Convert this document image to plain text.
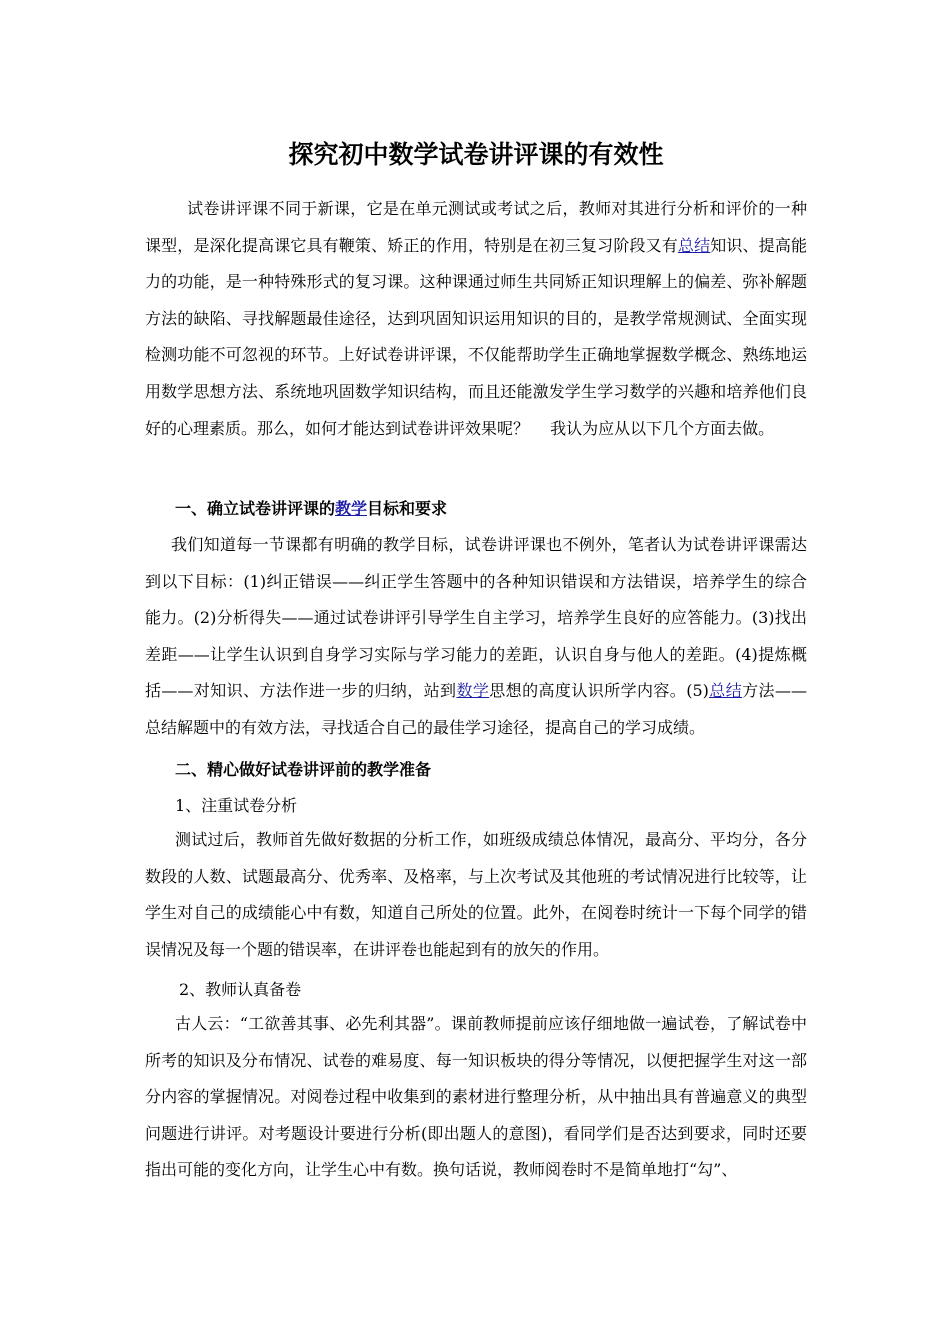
探究初中数学试卷讲评课的有效性

试卷讲评课不同于新课，它是在单元测试或考试之后，教师对其进行分析和评价的一种课型，是深化提高课它具有鞭策、矫正的作用，特别是在初三复习阶段又有总结知识、提高能力的功能，是一种特殊形式的复习课。这种课通过师生共同矫正知识理解上的偏差、弥补解题方法的缺陷、寻找解题最佳途径，达到巩固知识运用知识的目的，是教学常规测试、全面实现检测功能不可忽视的环节。上好试卷讲评课，不仅能帮助学生正确地掌握数学概念、熟练地运用数学思想方法、系统地巩固数学知识结构，而且还能激发学生学习数学的兴趣和培养他们良好的心理素质。那么，如何才能达到试卷讲评效果呢？　 我认为应从以下几个方面去做。

一、确立试卷讲评课的教学目标和要求

我们知道每一节课都有明确的教学目标，试卷讲评课也不例外，笔者认为试卷讲评课需达到以下目标：(1)纠正错误——纠正学生答题中的各种知识错误和方法错误，培养学生的综合能力。(2)分析得失——通过试卷讲评引导学生自主学习，培养学生良好的应答能力。(3)找出差距——让学生认识到自身学习实际与学习能力的差距，认识自身与他人的差距。(4)提炼概括——对知识、方法作进一步的归纳，站到数学思想的高度认识所学内容。(5)总结方法——总结解题中的有效方法，寻找适合自己的最佳学习途径，提高自己的学习成绩。

二、精心做好试卷讲评前的教学准备

1、注重试卷分析

测试过后，教师首先做好数据的分析工作，如班级成绩总体情况，最高分、平均分，各分数段的人数、试题最高分、优秀率、及格率，与上次考试及其他班的考试情况进行比较等，让学生对自己的成绩能心中有数，知道自己所处的位置。此外，在阅卷时统计一下每个同学的错误情况及每一个题的错误率，在讲评卷也能起到有的放矢的作用。

2、教师认真备卷

古人云：“工欲善其事、必先利其器”。课前教师提前应该仔细地做一遍试卷，了解试卷中所考的知识及分布情况、试卷的难易度、每一知识板块的得分等情况，以便把握学生对这一部分内容的掌握情况。对阅卷过程中收集到的素材进行整理分析，从中抽出具有普遍意义的典型问题进行讲评。对考题设计要进行分析(即出题人的意图)，看同学们是否达到要求，同时还要指出可能的变化方向，让学生心中有数。换句话说，教师阅卷时不是简单地打“勾”、
